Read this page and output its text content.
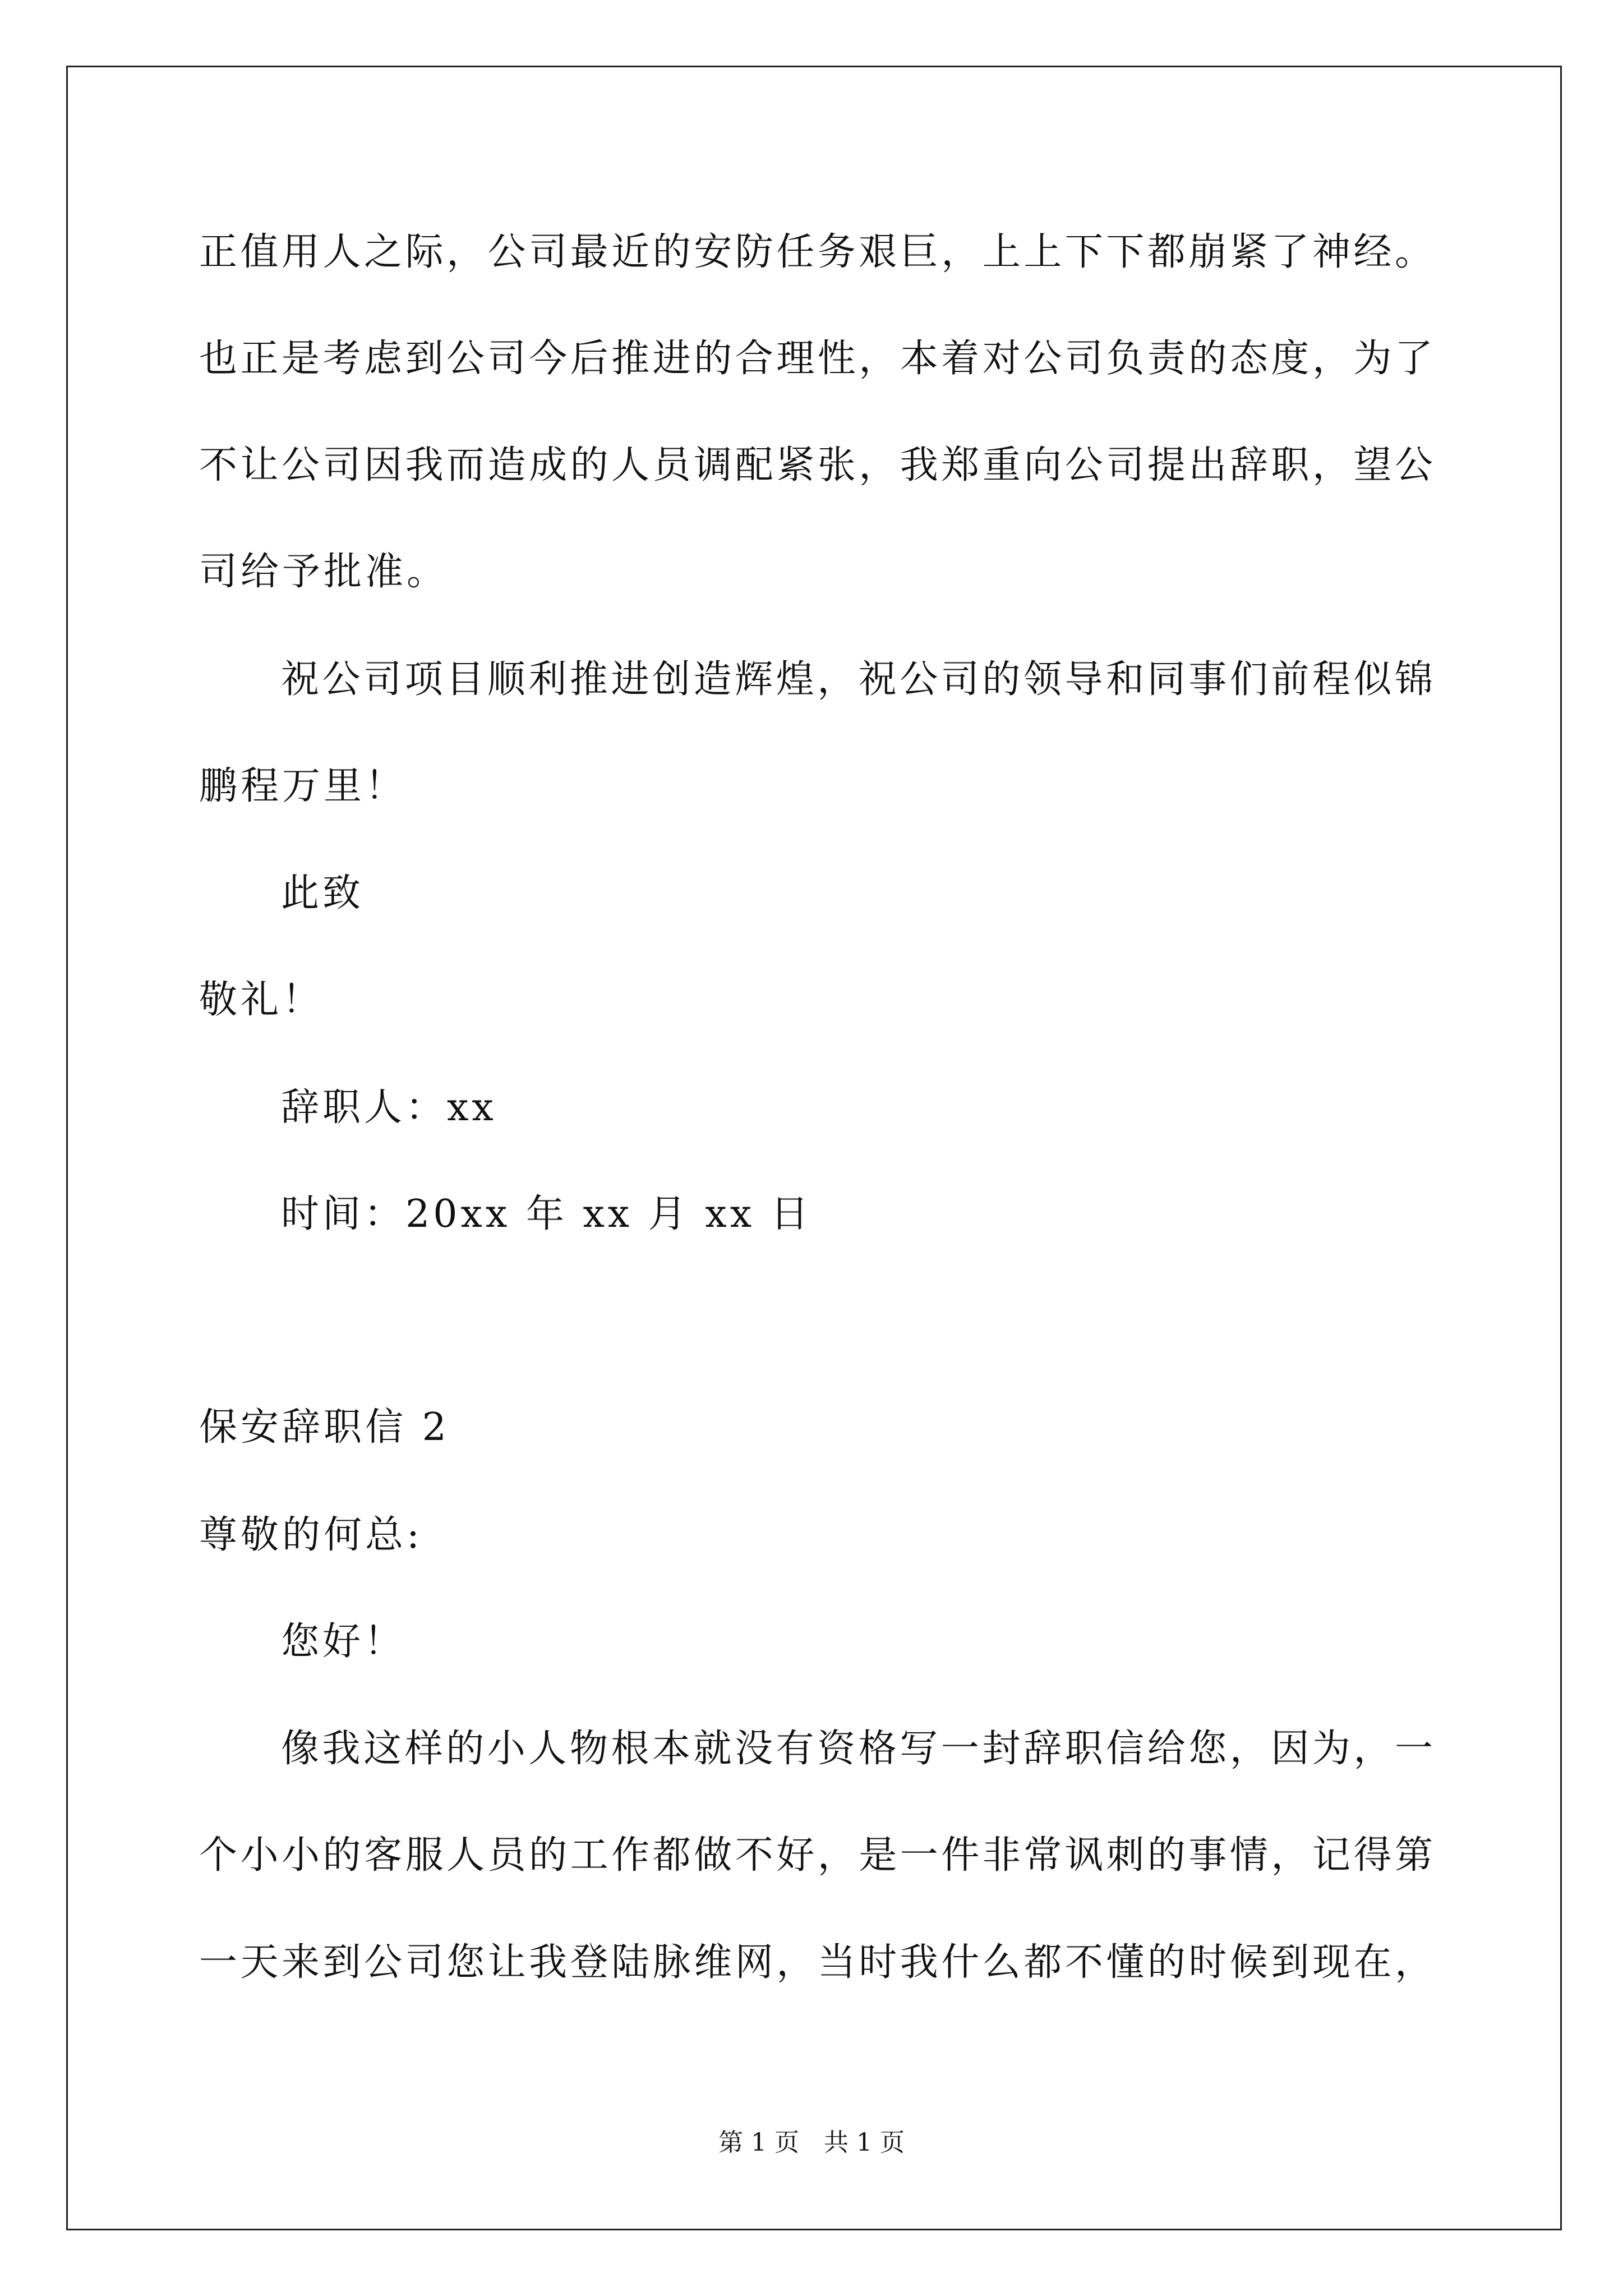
正值用人之际，公司最近的安防任务艰巨，上上下下都崩紧了神经。
也正是考虑到公司今后推进的合理性，本着对公司负责的态度，为了
不让公司因我而造成的人员调配紧张，我郑重向公司提出辞职，望公
司给予批准。
祝公司项目顺利推进创造辉煌，祝公司的领导和同事们前程似锦
鹏程万里！
此致
敬礼！
辞职人：xx
时间：20xx 年 xx 月 xx 日
保安辞职信 2
尊敬的何总:
您好！
像我这样的小人物根本就没有资格写一封辞职信给您，因为，一
个小小的客服人员的工作都做不好，是一件非常讽刺的事情，记得第
一天来到公司您让我登陆脉维网，当时我什么都不懂的时候到现在，
第 1 页　共 1 页
